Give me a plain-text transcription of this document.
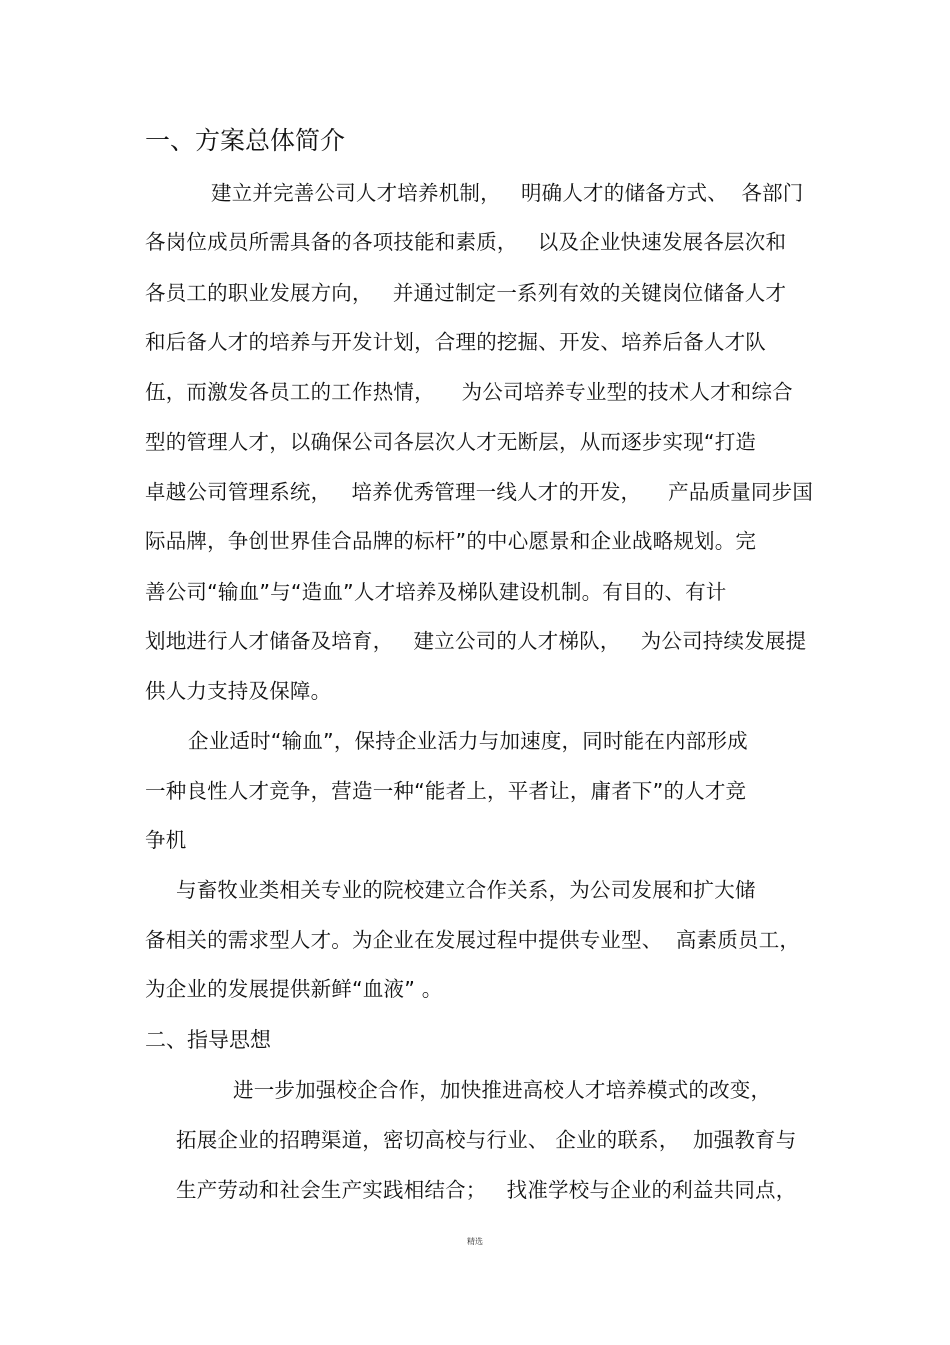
一、方案总体简介
建立并完善公司人才培养机制，   明确人才的储备方式、  各部门
各岗位成员所需具备的各项技能和素质，   以及企业快速发展各层次和
各员工的职业发展方向，   并通过制定一系列有效的关键岗位储备人才
和后备人才的培养与开发计划，合理的挖掘、开发、培养后备人才队
伍，而激发各员工的工作热情，    为公司培养专业型的技术人才和综合
型的管理人才，以确保公司各层次人才无断层，从而逐步实现“打造
卓越公司管理系统，   培养优秀管理一线人才的开发，    产品质量同步国
际品牌，争创世界佳合品牌的标杆”的中心愿景和企业战略规划。完
善公司“输血”与“造血”人才培养及梯队建设机制。有目的、有计
划地进行人才储备及培育，   建立公司的人才梯队，   为公司持续发展提
供人力支持及保障。
企业适时“输血”，保持企业活力与加速度，同时能在内部形成
一种良性人才竞争，营造一种“能者上，平者让，庸者下”的人才竞
争机
与畜牧业类相关专业的院校建立合作关系，为公司发展和扩大储
备相关的需求型人才。为企业在发展过程中提供专业型、  高素质员工，
为企业的发展提供新鲜“血液” 。
二、指导思想
进一步加强校企合作，加快推进高校人才培养模式的改变，
拓展企业的招聘渠道，密切高校与行业、 企业的联系，  加强教育与
生产劳动和社会生产实践相结合；   找准学校与企业的利益共同点，
精选
